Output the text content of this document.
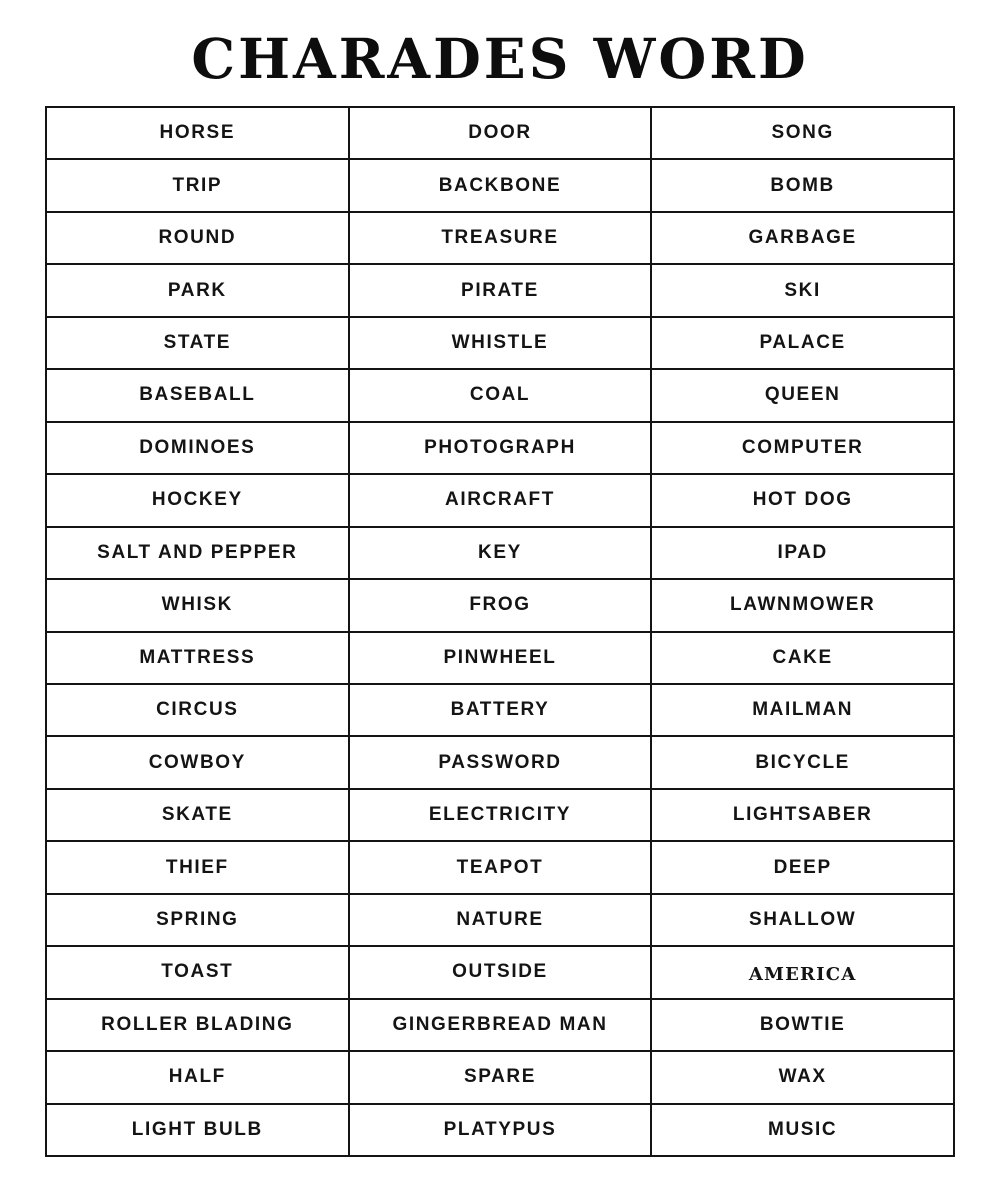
CHARADES WORD
HORSE	DOOR	SONG
TRIP	BACKBONE	BOMB
ROUND	TREASURE	GARBAGE
PARK	PIRATE	SKI
STATE	WHISTLE	PALACE
BASEBALL	COAL	QUEEN
DOMINOES	PHOTOGRAPH	COMPUTER
HOCKEY	AIRCRAFT	HOT DOG
SALT AND PEPPER	KEY	IPAD
WHISK	FROG	LAWNMOWER
MATTRESS	PINWHEEL	CAKE
CIRCUS	BATTERY	MAILMAN
COWBOY	PASSWORD	BICYCLE
SKATE	ELECTRICITY	LIGHTSABER
THIEF	TEAPOT	DEEP
SPRING	NATURE	SHALLOW
TOAST	OUTSIDE	america
ROLLER BLADING	GINGERBREAD MAN	BOWTIE
HALF	SPARE	WAX
LIGHT BULB	PLATYPUS	MUSIC
